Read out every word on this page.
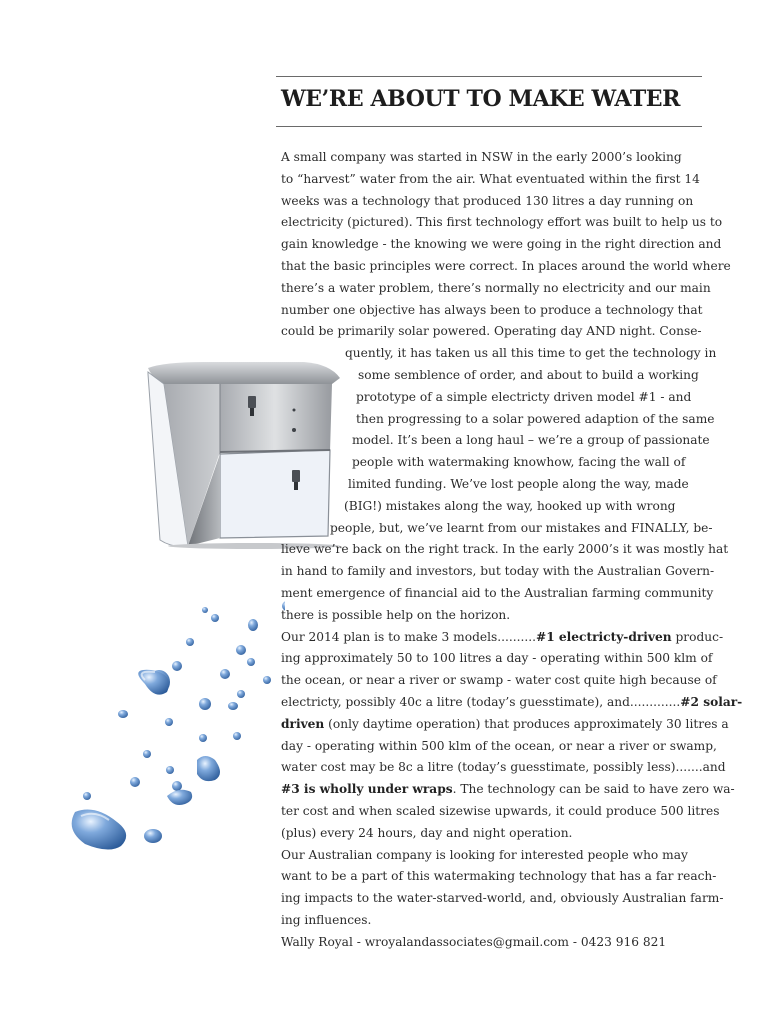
WE’RE ABOUT TO MAKE WATER
A small company was started in NSW in the early 2000’s looking
to “harvest” water from the air. What eventuated within the first 14
weeks was a technology that produced 130 litres a day running on
electricity (pictured). This first technology effort was built to help us to
gain knowledge - the knowing we were going in the right direction and
that the basic principles were correct. In places around the world where
there’s a water problem, there’s normally no electricity and our main
number one objective has always been to produce a technology that
could be primarily solar powered. Operating day AND night. Conse-
quently, it has taken us all this time to get the technology in
some semblence of order, and about to build a working
prototype of a simple electricty driven model #1 - and
then progressing to a solar powered adaption of the same
model. It’s been a long haul – we’re a group of passionate
people with watermaking knowhow, facing the wall of
limited funding. We’ve lost people along the way, made
(BIG!) mistakes along the way, hooked up with wrong
people, but, we’ve learnt from our mistakes and FINALLY, be-
lieve we’re back on the right track. In the early 2000’s it was mostly hat
in hand to family and investors, but today with the Australian Govern-
ment emergence of financial aid to the Australian farming community
there is possible help on the horizon.
Our 2014 plan is to make 3 models..........#1 electricty-driven produc-
ing approximately 50 to 100 litres a day - operating within 500 klm of
the ocean, or near a river or swamp - water cost quite high because of
electricty, possibly 40c a litre (today’s guesstimate), and.............#2 solar-
driven (only daytime operation) that produces approximately 30 litres a
day - operating within 500 klm of the ocean, or near a river or swamp,
water cost may be 8c a litre (today’s guesstimate, possibly less).......and
#3 is wholly under wraps. The technology can be said to have zero wa-
ter cost and when scaled sizewise upwards, it could produce 500 litres
(plus) every 24 hours, day and night operation.
Our Australian company is looking for interested people who may
want to be a part of this watermaking technology that has a far reach-
ing impacts to the water-starved-world, and, obviously Australian farm-
ing influences.
Wally Royal - wroyalandassociates@gmail.com - 0423 916 821
